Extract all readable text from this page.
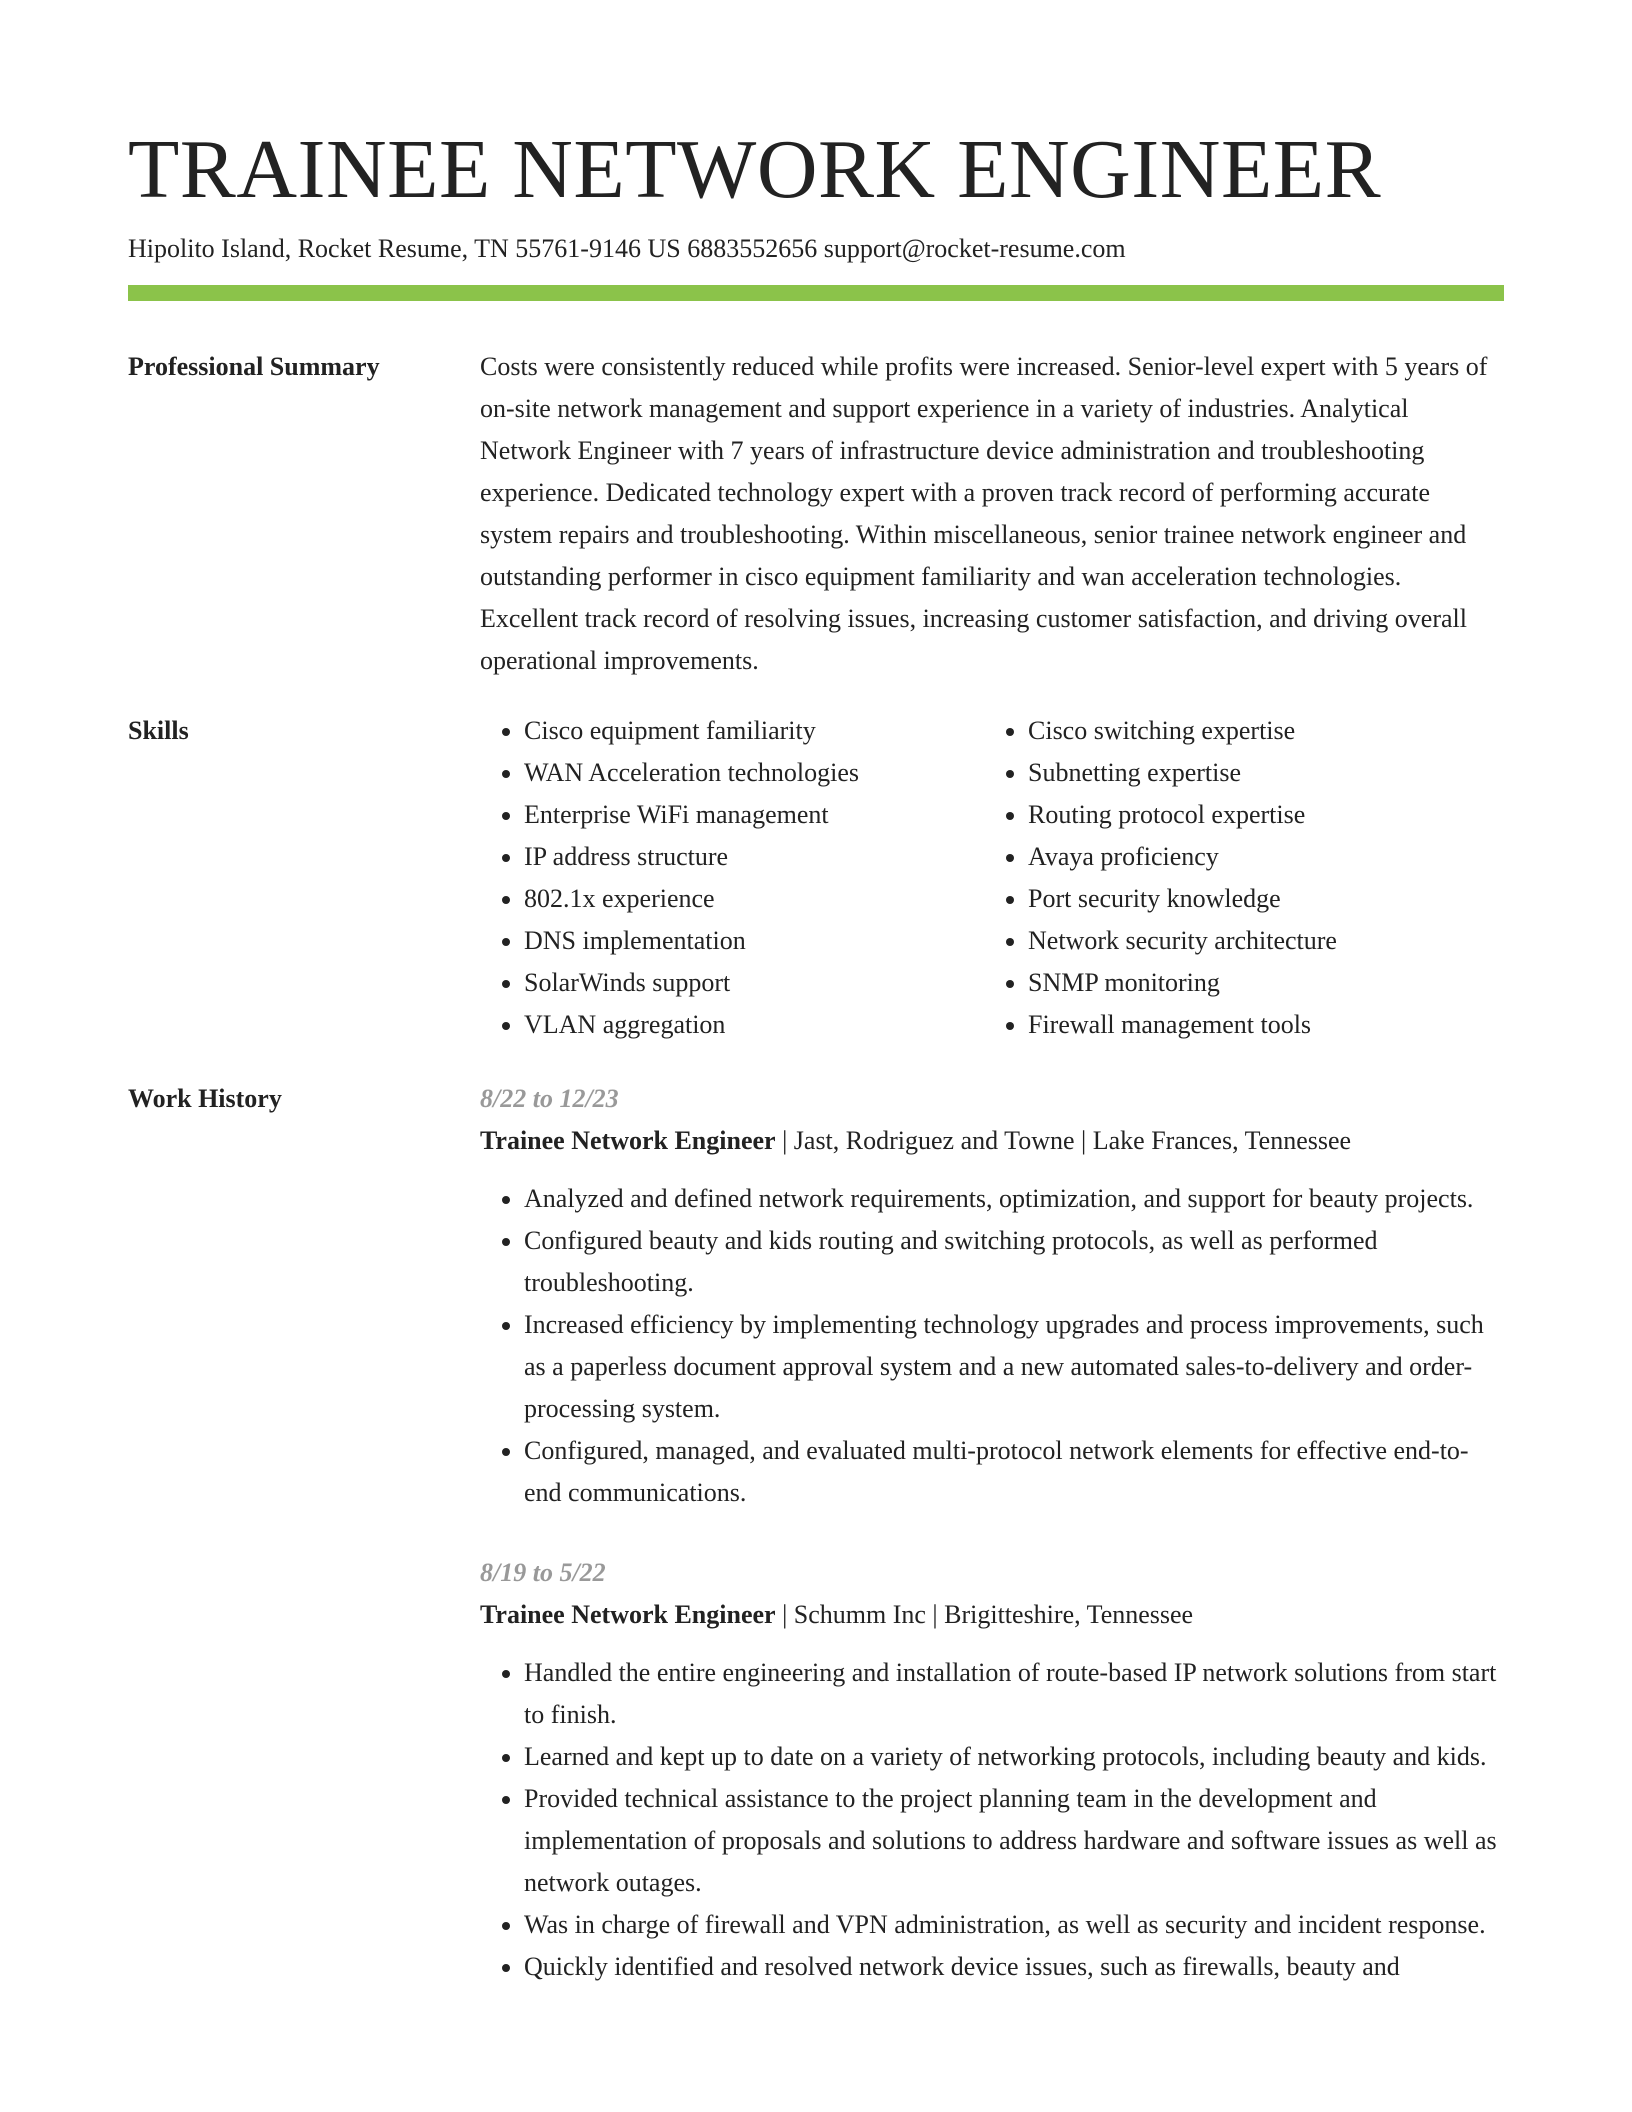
TRAINEE NETWORK ENGINEER
Hipolito Island, Rocket Resume, TN 55761-9146 US 6883552656 support@rocket-resume.com
Professional Summary	Costs were consistently reduced while profits were increased. Senior-level expert with 5 years of on-site network management and support experience in a variety of industries. Analytical Network Engineer with 7 years of infrastructure device administration and troubleshooting experience. Dedicated technology expert with a proven track record of performing accurate system repairs and troubleshooting. Within miscellaneous, senior trainee network engineer and outstanding performer in cisco equipment familiarity and wan acceleration technologies. Excellent track record of resolving issues, increasing customer satisfaction, and driving overall operational improvements.

Skills
•	Cisco equipment familiarity
• WAN Acceleration technologies
• Enterprise WiFi management
• IP address structure
• 802.1x experience
• DNS implementation
• SolarWinds support
• VLAN aggregation
• Cisco switching expertise
• Subnetting expertise
• Routing protocol expertise
• Avaya proficiency
• Port security knowledge
• Network security architecture
• SNMP monitoring
• Firewall management tools
Work History	8/22 to 12/23
Trainee Network Engineer | Jast, Rodriguez and Towne | Lake Frances, Tennessee
• Analyzed and defined network requirements, optimization, and support for beauty projects.
• Configured beauty and kids routing and switching protocols, as well as performed troubleshooting.
• Increased efficiency by implementing technology upgrades and process improvements, such as a paperless document approval system and a new automated sales-to-delivery and order-processing system.
• Configured, managed, and evaluated multi-protocol network elements for effective end-to-end communications.
8/19 to 5/22
Trainee Network Engineer | Schumm Inc | Brigitteshire, Tennessee
• Handled the entire engineering and installation of route-based IP network solutions from start to finish.
• Learned and kept up to date on a variety of networking protocols, including beauty and kids.
• Provided technical assistance to the project planning team in the development and implementation of proposals and solutions to address hardware and software issues as well as network outages.
• Was in charge of firewall and VPN administration, as well as security and incident response.
• Quickly identified and resolved network device issues, such as firewalls, beauty and
